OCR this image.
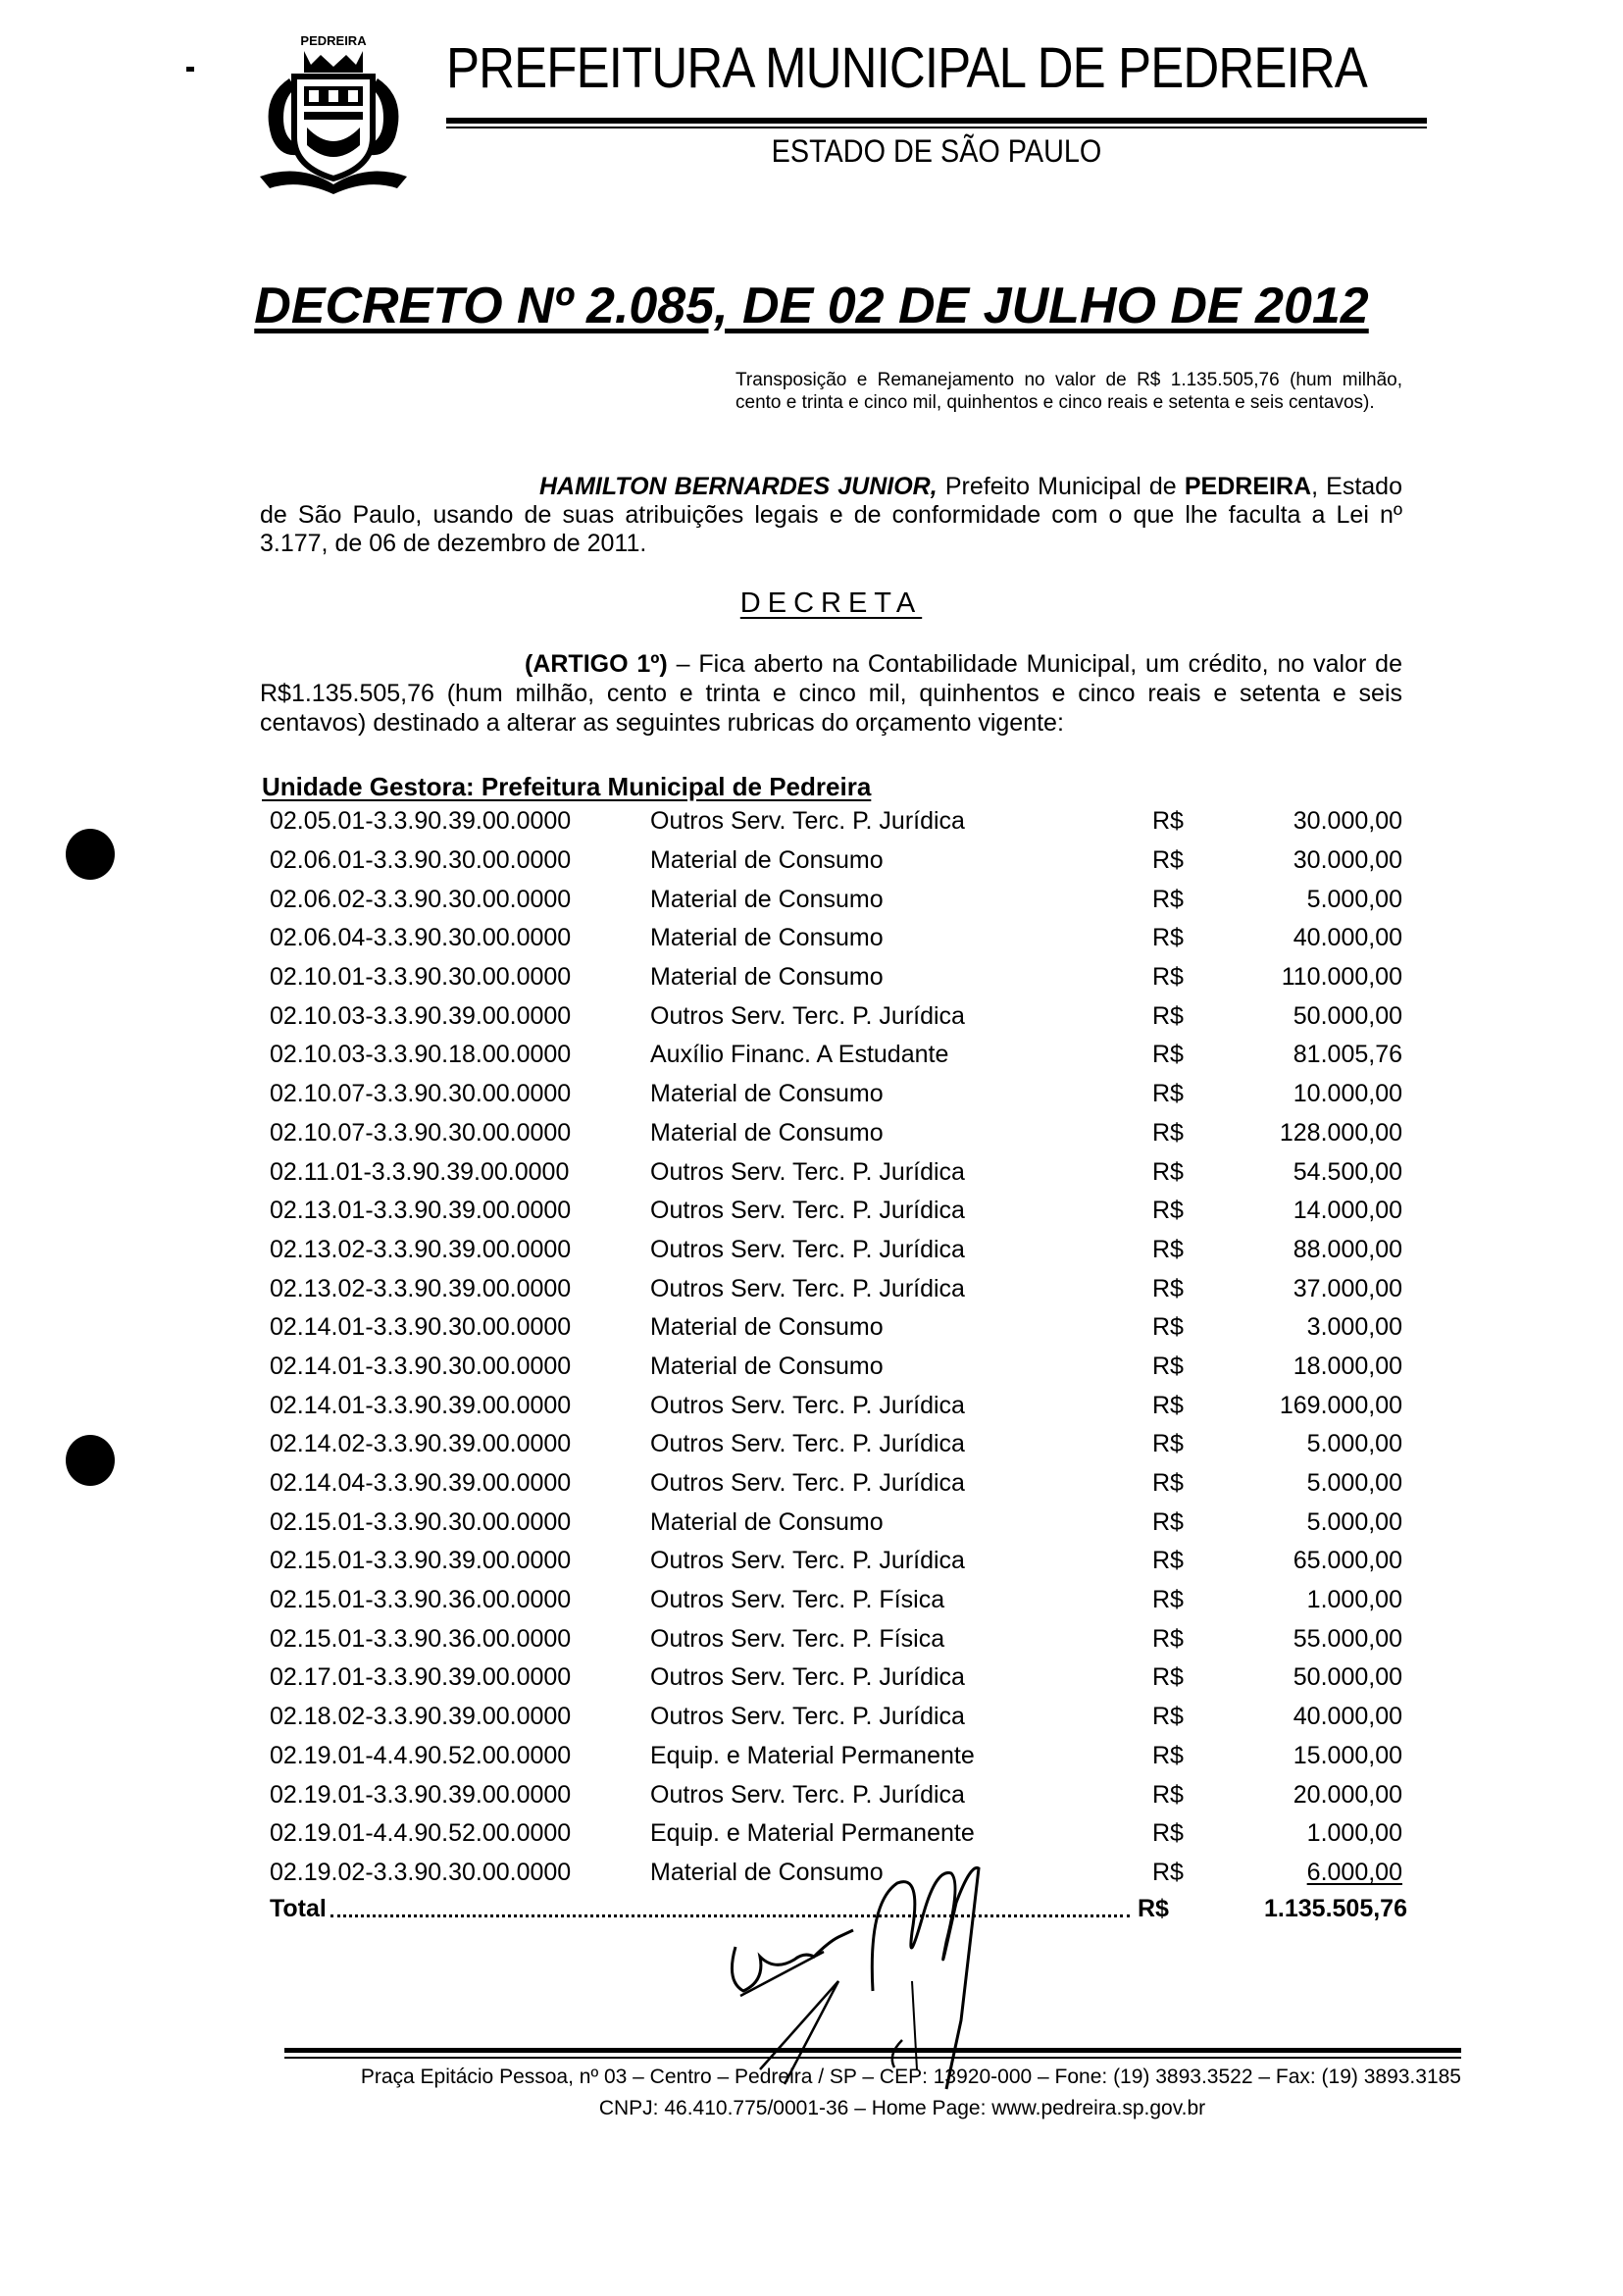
PEDREIRA PREFEITURA MUNICIPAL DE PEDREIRA
ESTADO DE SÃO PAULO
DECRETO Nº 2.085, DE 02 DE JULHO DE 2012
Transposição e Remanejamento no valor de R$ 1.135.505,76 (hum milhão, cento e trinta e cinco mil, quinhentos e cinco reais e setenta e seis centavos).
HAMILTON BERNARDES JUNIOR, Prefeito Municipal de PEDREIRA, Estado de São Paulo, usando de suas atribuições legais e de conformidade com o que lhe faculta a Lei nº 3.177, de 06 de dezembro de 2011.
DECRETA
(ARTIGO 1º) – Fica aberto na Contabilidade Municipal, um crédito, no valor de R$1.135.505,76 (hum milhão, cento e trinta e cinco mil, quinhentos e cinco reais e setenta e seis centavos) destinado a alterar as seguintes rubricas do orçamento vigente:
Unidade Gestora: Prefeitura Municipal de Pedreira
02.05.01-3.3.90.39.00.0000	Outros Serv. Terc. P. Jurídica	R$	30.000,00
02.06.01-3.3.90.30.00.0000	Material de Consumo	R$	30.000,00
02.06.02-3.3.90.30.00.0000	Material de Consumo	R$	5.000,00
02.06.04-3.3.90.30.00.0000	Material de Consumo	R$	40.000,00
02.10.01-3.3.90.30.00.0000	Material de Consumo	R$	110.000,00
02.10.03-3.3.90.39.00.0000	Outros Serv. Terc. P. Jurídica	R$	50.000,00
02.10.03-3.3.90.18.00.0000	Auxílio Financ. A Estudante	R$	81.005,76
02.10.07-3.3.90.30.00.0000	Material de Consumo	R$	10.000,00
02.10.07-3.3.90.30.00.0000	Material de Consumo	R$	128.000,00
02.11.01-3.3.90.39.00.0000	Outros Serv. Terc. P. Jurídica	R$	54.500,00
02.13.01-3.3.90.39.00.0000	Outros Serv. Terc. P. Jurídica	R$	14.000,00
02.13.02-3.3.90.39.00.0000	Outros Serv. Terc. P. Jurídica	R$	88.000,00
02.13.02-3.3.90.39.00.0000	Outros Serv. Terc. P. Jurídica	R$	37.000,00
02.14.01-3.3.90.30.00.0000	Material de Consumo	R$	3.000,00
02.14.01-3.3.90.30.00.0000	Material de Consumo	R$	18.000,00
02.14.01-3.3.90.39.00.0000	Outros Serv. Terc. P. Jurídica	R$	169.000,00
02.14.02-3.3.90.39.00.0000	Outros Serv. Terc. P. Jurídica	R$	5.000,00
02.14.04-3.3.90.39.00.0000	Outros Serv. Terc. P. Jurídica	R$	5.000,00
02.15.01-3.3.90.30.00.0000	Material de Consumo	R$	5.000,00
02.15.01-3.3.90.39.00.0000	Outros Serv. Terc. P. Jurídica	R$	65.000,00
02.15.01-3.3.90.36.00.0000	Outros Serv. Terc. P. Física	R$	1.000,00
02.15.01-3.3.90.36.00.0000	Outros Serv. Terc. P. Física	R$	55.000,00
02.17.01-3.3.90.39.00.0000	Outros Serv. Terc. P. Jurídica	R$	50.000,00
02.18.02-3.3.90.39.00.0000	Outros Serv. Terc. P. Jurídica	R$	40.000,00
02.19.01-4.4.90.52.00.0000	Equip. e Material Permanente	R$	15.000,00
02.19.01-3.3.90.39.00.0000	Outros Serv. Terc. P. Jurídica	R$	20.000,00
02.19.01-4.4.90.52.00.0000	Equip. e Material Permanente	R$	1.000,00
02.19.02-3.3.90.30.00.0000	Material de Consumo	R$	6.000,00
Total	R$	1.135.505,76
Praça Epitácio Pessoa, nº 03 – Centro – Pedreira / SP – CEP: 13920-000 – Fone: (19) 3893.3522 – Fax: (19) 3893.3185
CNPJ: 46.410.775/0001-36 – Home Page: www.pedreira.sp.gov.br
